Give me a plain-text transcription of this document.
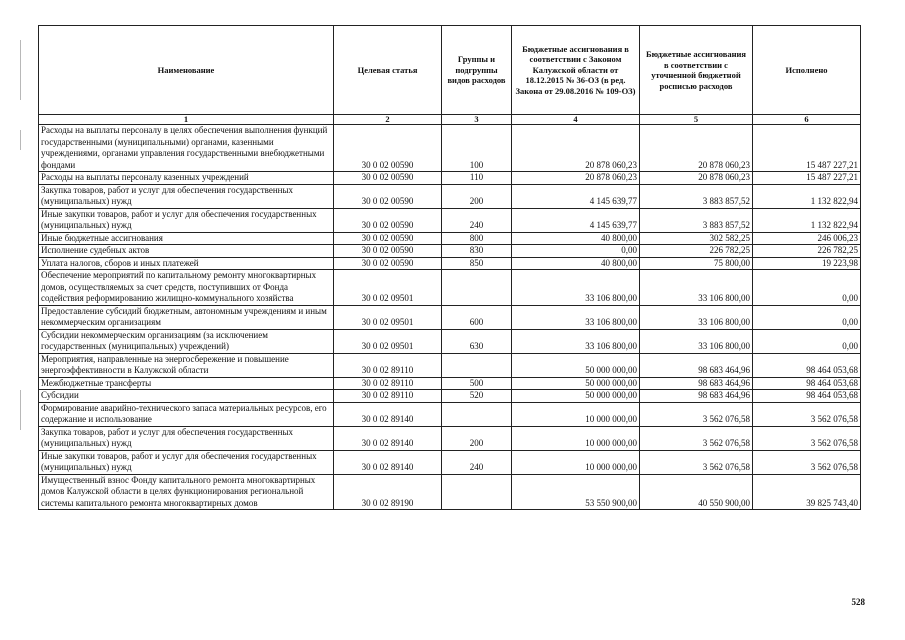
Наименование	Целевая статья	Группы и подгруппы видов расходов	Бюджетные ассигнования в соответствии с Законом Калужской области от 18.12.2015 № 36-ОЗ (в ред. Закона от 29.08.2016 № 109-ОЗ)	Бюджетные ассигнования в соответствии с уточненной бюджетной росписью расходов	Исполнено
1	2	3	4	5	6
Расходы на выплаты персоналу в целях обеспечения выполнения функций государственными (муниципальными) органами, казенными учреждениями, органами управления государственными внебюджетными фондами	30 0 02 00590	100	20 878 060,23	20 878 060,23	15 487 227,21
Расходы на выплаты персоналу казенных учреждений	30 0 02 00590	110	20 878 060,23	20 878 060,23	15 487 227,21
Закупка товаров, работ и услуг для обеспечения государственных (муниципальных) нужд	30 0 02 00590	200	4 145 639,77	3 883 857,52	1 132 822,94
Иные закупки товаров, работ и услуг для обеспечения государственных (муниципальных) нужд	30 0 02 00590	240	4 145 639,77	3 883 857,52	1 132 822,94
Иные бюджетные ассигнования	30 0 02 00590	800	40 800,00	302 582,25	246 006,23
Исполнение судебных актов	30 0 02 00590	830	0,00	226 782,25	226 782,25
Уплата налогов, сборов и иных платежей	30 0 02 00590	850	40 800,00	75 800,00	19 223,98
Обеспечение мероприятий по капитальному ремонту многоквартирных домов, осуществляемых за счет средств, поступивших от Фонда содействия реформированию жилищно-коммунального хозяйства	30 0 02 09501		33 106 800,00	33 106 800,00	0,00
Предоставление субсидий бюджетным, автономным учреждениям и иным некоммерческим организациям	30 0 02 09501	600	33 106 800,00	33 106 800,00	0,00
Субсидии некоммерческим организациям (за исключением государственных (муниципальных) учреждений)	30 0 02 09501	630	33 106 800,00	33 106 800,00	0,00
Мероприятия, направленные на энергосбережение и повышение энергоэффективности в Калужской области	30 0 02 89110		50 000 000,00	98 683 464,96	98 464 053,68
Межбюджетные трансферты	30 0 02 89110	500	50 000 000,00	98 683 464,96	98 464 053,68
Субсидии	30 0 02 89110	520	50 000 000,00	98 683 464,96	98 464 053,68
Формирование аварийно-технического запаса материальных ресурсов, его содержание и использование	30 0 02 89140		10 000 000,00	3 562 076,58	3 562 076,58
Закупка товаров, работ и услуг для обеспечения государственных (муниципальных) нужд	30 0 02 89140	200	10 000 000,00	3 562 076,58	3 562 076,58
Иные закупки товаров, работ и услуг для обеспечения государственных (муниципальных) нужд	30 0 02 89140	240	10 000 000,00	3 562 076,58	3 562 076,58
Имущественный взнос Фонду капитального ремонта многоквартирных домов Калужской области в целях функционирования региональной системы капитального ремонта многоквартирных домов	30 0 02 89190		53 550 900,00	40 550 900,00	39 825 743,40
528
